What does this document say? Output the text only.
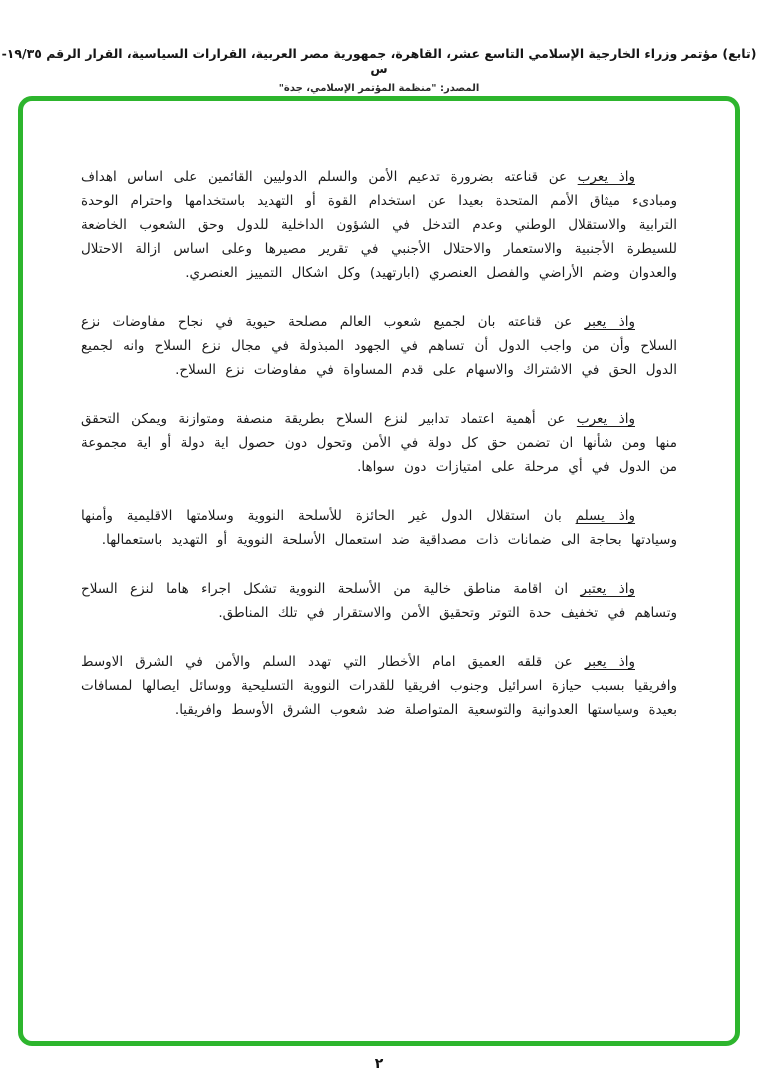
(تابع) مؤتمر وزراء الخارجية الإسلامي التاسع عشر، القاهرة، جمهورية مصر العربية، القرارات السياسية، القرار الرقم ١٩/٣٥-س
المصدر: "منظمة المؤتمر الإسلامي، جدة"

واذ يعرب عن قناعته بضرورة تدعيم الأمن والسلم الدوليين القائمين على اساس اهداف ومبادىء ميثاق الأمم المتحدة بعيدا عن استخدام القوة أو التهديد باستخدامها واحترام الوحدة الترابية والاستقلال الوطني وعدم التدخل في الشؤون الداخلية للدول وحق الشعوب الخاضعة للسيطرة الأجنبية والاستعمار والاحتلال الأجنبي في تقرير مصيرها وعلى اساس ازالة الاحتلال والعدوان وضم الأراضي والفصل العنصري (ابارتهيد) وكل اشكال التمييز العنصري.

واذ يعبر عن قناعته بان لجميع شعوب العالم مصلحة حيوية في نجاح مفاوضات نزع السلاح وأن من واجب الدول أن تساهم في الجهود المبذولة في مجال نزع السلاح وانه لجميع الدول الحق في الاشتراك والاسهام على قدم المساواة في مفاوضات نزع السلاح.

واذ يعرب عن أهمية اعتماد تدابير لنزع السلاح بطريقة منصفة ومتوازنة ويمكن التحقق منها ومن شأنها ان تضمن حق كل دولة في الأمن وتحول دون حصول اية دولة أو اية مجموعة من الدول في أي مرحلة على امتيازات دون سواها.

واذ يسلم بان استقلال الدول غير الحائزة للأسلحة النووية وسلامتها الاقليمية وأمنها وسيادتها بحاجة الى ضمانات ذات مصداقية ضد استعمال الأسلحة النووية أو التهديد باستعمالها.

واذ يعتبر ان اقامة مناطق خالية من الأسلحة النووية تشكل اجراء هاما لنزع السلاح وتساهم في تخفيف حدة التوتر وتحقيق الأمن والاستقرار في تلك المناطق.

واذ يعبر عن قلقه العميق امام الأخطار التي تهدد السلم والأمن في الشرق الاوسط وافريقيا بسبب حيازة اسرائيل وجنوب افريقيا للقدرات النووية التسليحية ووسائل ايصالها لمسافات بعيدة وسياستها العدوانية والتوسعية المتواصلة ضد شعوب الشرق الأوسط وافريقيا.

٢
